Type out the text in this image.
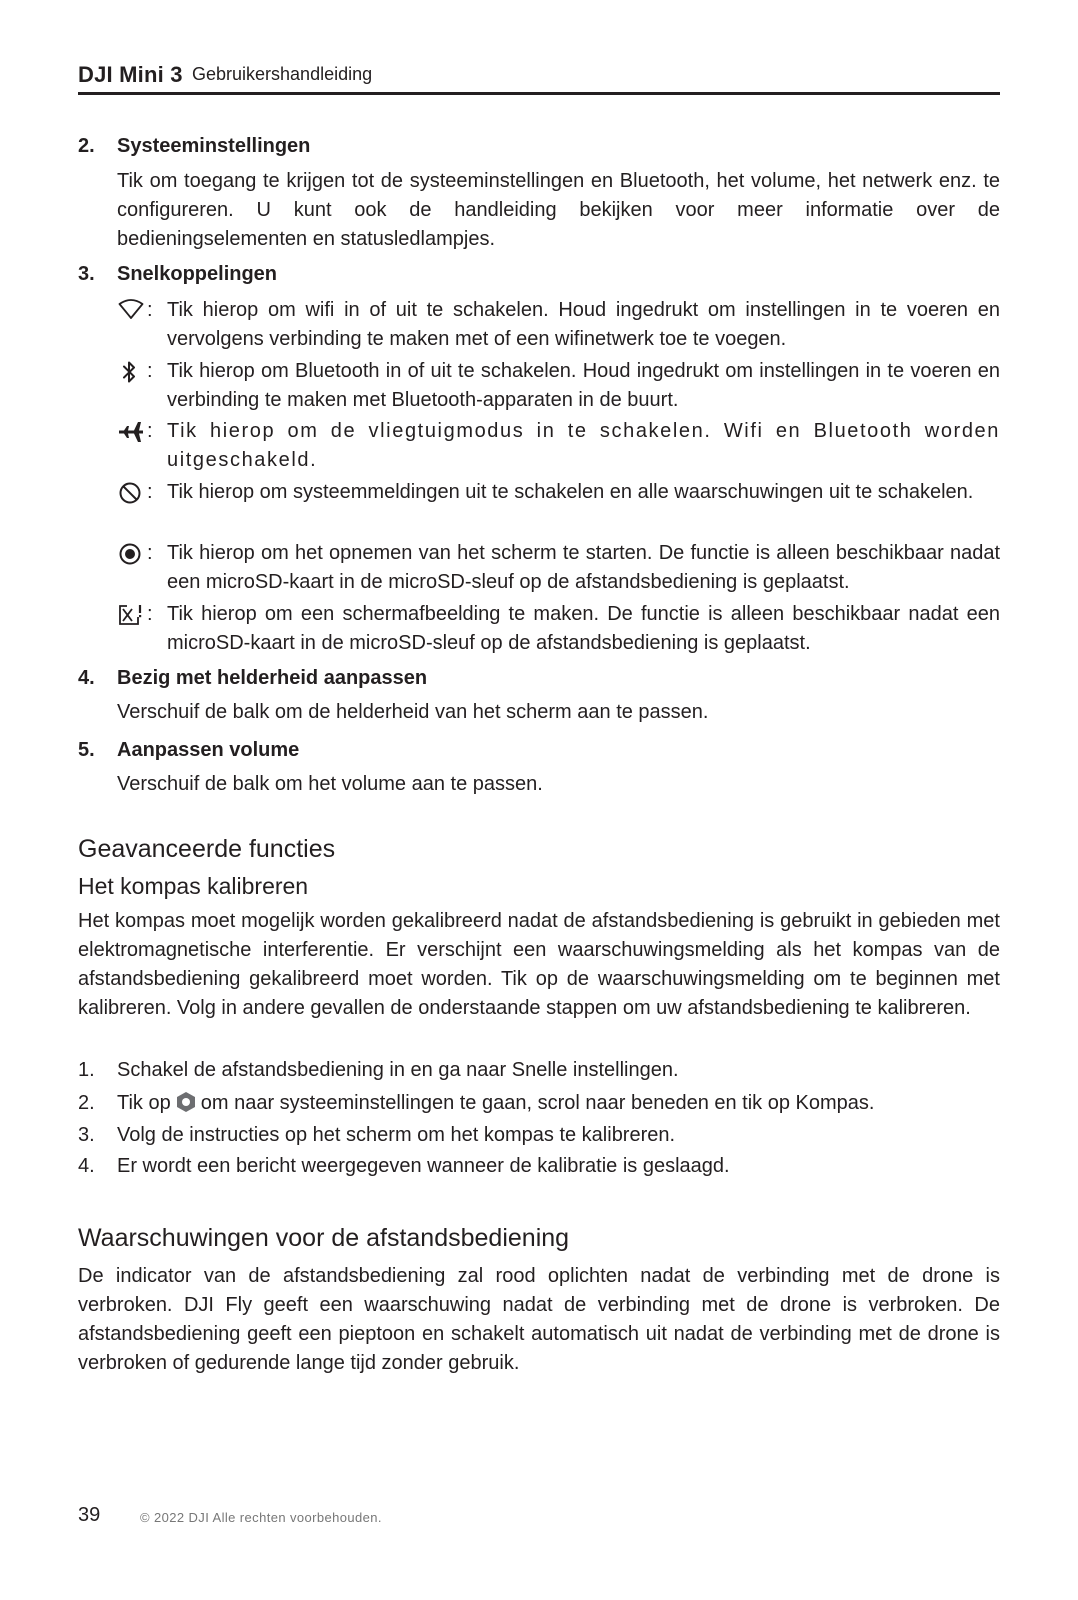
DJI Mini 3 Gebruikershandleiding
2. Systeeminstellingen
Tik om toegang te krijgen tot de systeeminstellingen en Bluetooth, het volume, het netwerk enz. te configureren. U kunt ook de handleiding bekijken voor meer informatie over de bedieningselementen en statusledlampjes.
3. Snelkoppelingen
: Tik hierop om wifi in of uit te schakelen. Houd ingedrukt om instellingen in te voeren en vervolgens verbinding te maken met of een wifinetwerk toe te voegen.
: Tik hierop om Bluetooth in of uit te schakelen. Houd ingedrukt om instellingen in te voeren en verbinding te maken met Bluetooth-apparaten in de buurt.
: Tik hierop om de vliegtuigmodus in te schakelen. Wifi en Bluetooth worden uitgeschakeld.
: Tik hierop om systeemmeldingen uit te schakelen en alle waarschuwingen uit te schakelen.
: Tik hierop om het opnemen van het scherm te starten. De functie is alleen beschikbaar nadat een microSD-kaart in de microSD-sleuf op de afstandsbediening is geplaatst.
: Tik hierop om een schermafbeelding te maken. De functie is alleen beschikbaar nadat een microSD-kaart in de microSD-sleuf op de afstandsbediening is geplaatst.
4. Bezig met helderheid aanpassen
Verschuif de balk om de helderheid van het scherm aan te passen.
5. Aanpassen volume
Verschuif de balk om het volume aan te passen.
Geavanceerde functies
Het kompas kalibreren
Het kompas moet mogelijk worden gekalibreerd nadat de afstandsbediening is gebruikt in gebieden met elektromagnetische interferentie. Er verschijnt een waarschuwingsmelding als het kompas van de afstandsbediening gekalibreerd moet worden. Tik op de waarschuwingsmelding om te beginnen met kalibreren. Volg in andere gevallen de onderstaande stappen om uw afstandsbediening te kalibreren.
1. Schakel de afstandsbediening in en ga naar Snelle instellingen.
2. Tik op om naar systeeminstellingen te gaan, scrol naar beneden en tik op Kompas.
3. Volg de instructies op het scherm om het kompas te kalibreren.
4. Er wordt een bericht weergegeven wanneer de kalibratie is geslaagd.
Waarschuwingen voor de afstandsbediening
De indicator van de afstandsbediening zal rood oplichten nadat de verbinding met de drone is verbroken. DJI Fly geeft een waarschuwing nadat de verbinding met de drone is verbroken. De afstandsbediening geeft een pieptoon en schakelt automatisch uit nadat de verbinding met de drone is verbroken of gedurende lange tijd zonder gebruik.
39	© 2022 DJI Alle rechten voorbehouden.
